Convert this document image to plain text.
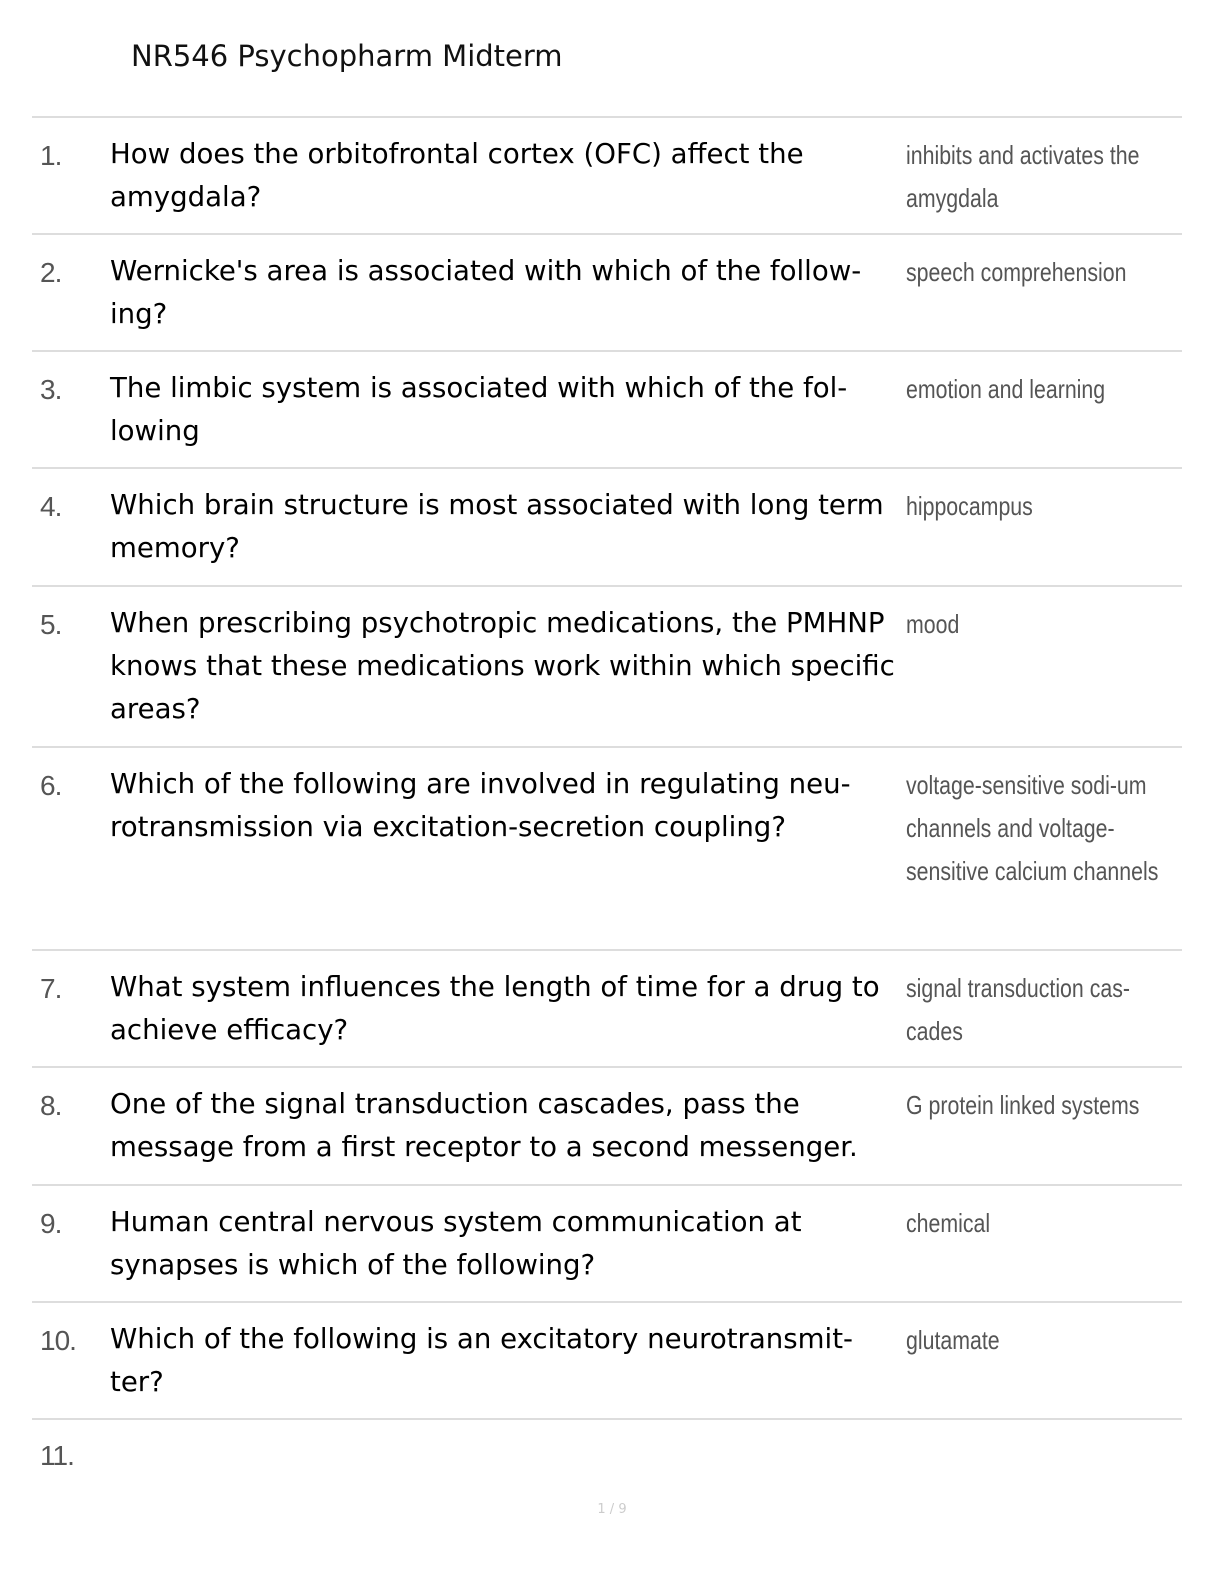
NR546 Psychopharm Midterm
1. How does the orbitofrontal cortex (OFC) affect the amygdala?
inhibits and activates the amygdala
2. Wernicke's area is associated with which of the follow-ing?
speech comprehension
3. The limbic system is associated with which of the fol-lowing
emotion and learning
4. Which brain structure is most associated with long term memory?
hippocampus
5. When prescribing psychotropic medications, the PMHNP knows that these medications work within which specific areas?
mood
6. Which of the following are involved in regulating neu-rotransmission via excitation-secretion coupling?
voltage-sensitive sodi-um channels and voltage-sensitive calcium channels
7. What system influences the length of time for a drug to achieve efficacy?
signal transduction cas-cades
8. One of the signal transduction cascades, pass the message from a first receptor to a second messenger.
G protein linked systems
9. Human central nervous system communication at synapses is which of the following?
chemical
10. Which of the following is an excitatory neurotransmit-ter?
glutamate
11.
1 / 9
